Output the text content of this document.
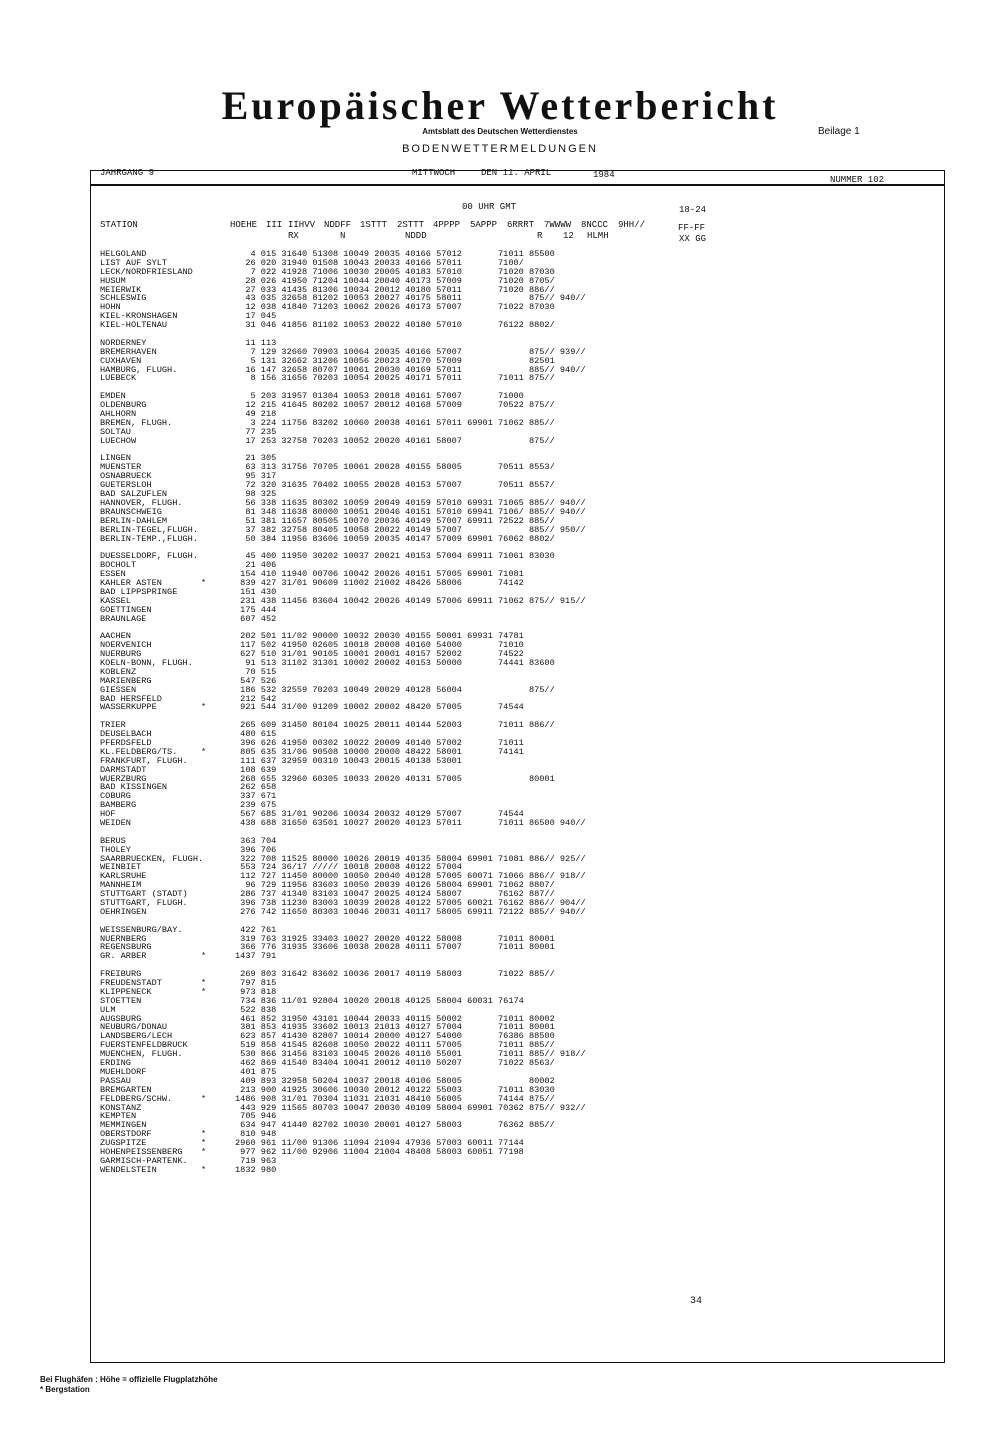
Europäischer Wetterbericht
Amtsblatt des Deutschen Wetterdienstes	Beilage 1
BODENWETTERMELDUNGEN
JAHRGANG 9	MITTWOCH	DEN 11. APRIL	1984	NUMMER 102
00 UHR GMT	18-24
STATION	HOEHE III IIHVV NDDFF 1STTT 2STTT 4PPPP 5APPP 6RRRT 7WWWW 8NCCC 9HH//	FF-FF
RX	N	NDDD	R 12 HLMH	XX GG
HELGOLAND	4 015 31640 51308 10049 20035 40166 57012       71011 85500
LIST AUF SYLT	26 020 31940 01508 10043 20033 40166 57011       7100/
LECK/NORDFRIESLAND	7 022 41928 71006 10030 20005 40183 57010       71020 87030
HUSUM	28 026 41950 71204 10044 20040 40173 57009       71020 8705/
MEIERWIK	27 033 41435 81306 10034 20012 40180 57011       71020 886//
SCHLESWIG	43 035 32658 81202 10053 20027 40175 58011             875// 940//
HOHN	12 038 41840 71203 10062 20026 40173 57007       71022 87030
KIEL-KRONSHAGEN	17 045
KIEL-HOLTENAU	31 046 41856 81102 10053 20022 40180 57010       76122 8802/
NORDERNEY	11 113
BREMERHAVEN	7 129 32660 70903 10064 20035 40166 57007             875// 939//
CUXHAVEN	5 131 32662 31206 10056 20023 40170 57009             82501
HAMBURG, FLUGH.	16 147 32658 80707 10061 20030 40169 57011             885// 940//
LUEBECK	8 156 31656 70203 10054 20025 40171 57011       71011 875//
EMDEN	5 203 31957 01304 10053 20018 40161 57007       71000
OLDENBURG	12 215 41645 80202 10057 20012 40168 57009       70522 875//
AHLHORN	49 218
BREMEN, FLUGH.	3 224 11756 83202 10060 20038 40161 57011 69901 71062 885//
SOLTAU	77 235
LUECHOW	17 253 32758 70203 10052 20020 40161 58007             875//
LINGEN	21 305
MUENSTER	63 313 31756 70705 10061 20028 40155 58005       70511 8553/
OSNABRUECK	95 317
GUETERSLOH	72 320 31635 70402 10055 20028 40153 57007       70511 8557/
BAD SALZUFLEN	98 325
HANNOVER, FLUGH.	56 338 11635 80302 10059 20049 40159 57010 69931 71065 885// 940//
BRAUNSCHWEIG	81 348 11638 80000 10051 20046 40151 57010 69941 7106/ 885// 940//
BERLIN-DAHLEM	51 381 11657 80505 10070 20036 40149 57007 69911 72522 885//
BERLIN-TEGEL,FLUGH.	37 382 32758 80405 10058 20022 40149 57007             885// 950//
BERLIN-TEMP.,FLUGH.	50 384 11956 83606 10059 20035 40147 57009 69901 76062 8802/
DUESSELDORF, FLUGH.	45 400 11950 30202 10037 20021 40153 57004 69911 71061 83030
BOCHOLT	21 406
ESSEN	154 410 11940 00706 10042 20026 40151 57005 69901 71081
KAHLER ASTEN *	839 427 31/01 90609 11002 21002 48426 58006       74142
BAD LIPPSPRINGE	151 430
KASSEL	231 438 11456 83604 10042 20026 40149 57006 69911 71062 875// 915//
GOETTINGEN	175 444
BRAUNLAGE	607 452
AACHEN	202 501 11/02 90000 10032 20030 40155 50001 69931 74781
NOERVENICH	117 502 41950 02605 10018 20008 40160 54000       71010
NUERBURG	627 510 31/01 90105 10001 20001 40157 52002       74522
KOELN-BONN, FLUGH.	91 513 31102 31301 10002 20002 40153 50000       74441 83600
KOBLENZ	70 515
MARIENBERG	547 526
GIESSEN	186 532 32559 70203 10049 20029 40128 56004             875//
BAD HERSFELD	212 542
WASSERKUPPE *	921 544 31/00 91209 10002 20002 48420 57005       74544
TRIER	265 609 31450 80104 10025 20011 40144 52003       71011 886//
DEUSELBACH	480 615
PFERDSFELD	396 626 41950 00302 10022 20009 40140 57002       71011
KL.FELDBERG/TS. *	805 635 31/06 90508 10000 20000 48422 58001       74141
FRANKFURT, FLUGH.	111 637 32959 00310 10043 20015 40138 53001
DARMSTADT	108 639
WUERZBURG	268 655 32960 60305 10033 20020 40131 57005             80001
BAD KISSINGEN	262 658
COBURG	337 671
BAMBERG	239 675
HOF	567 685 31/01 90206 10034 20032 40129 57007       74544
WEIDEN	438 688 31650 63501 10027 20020 40123 57011       71011 86500 940//
BERUS	363 704
THOLEY	396 706
SAARBRUECKEN, FLUGH.	322 708 11525 80000 10026 20019 40135 58004 69901 71081 886// 925//
WEINBIET	553 724 36/17 ///// 10018 20008 40122 57004
KARLSRUHE	112 727 11450 80000 10050 20040 40128 57005 60071 71066 886// 918//
MANNHEIM	96 729 11956 83603 10050 20039 40126 58004 69901 71062 8807/
STUTTGART (STADT)	286 737 41340 83103 10047 20025 40124 58007       76162 887//
STUTTGART, FLUGH.	396 738 11230 83003 10039 20028 40122 57005 60021 76162 886// 904//
OEHRINGEN	276 742 11650 80303 10046 20031 40117 58005 69911 72122 885// 940//
WEISSENBURG/BAY.	422 761
NUERNBERG	319 763 31925 33403 10027 20020 40122 58008       71011 80001
REGENSBURG	366 776 31935 33606 10038 20028 40111 57007       71011 80001
GR. ARBER *	1437 791
FREIBURG	269 803 31642 83602 10036 20017 40119 58003       71022 885//
FREUDENSTADT *	797 815
KLIPPENECK *	973 818
STOETTEN	734 836 11/01 92804 10020 20018 40125 58004 60031 76174
ULM	522 838
AUGSBURG	461 852 31950 43101 10044 20033 40115 50002       71011 80002
NEUBURG/DONAU	381 853 41935 33602 10013 21013 40127 57004       71011 80001
LANDSBERG/LECH	623 857 41430 82807 10014 20000 40127 54000       76386 88500
FUERSTENFELDBRUCK	519 858 41545 82608 10050 20022 40111 57005       71011 885//
MUENCHEN, FLUGH.	530 866 31456 83103 10045 20026 40110 55001       71011 885// 918//
ERDING	462 869 41540 83404 10041 20012 40110 50207       71022 8563/
MUEHLDORF	401 875
PASSAU	409 893 32958 50204 10037 20018 40106 58005             80002
BREMGARTEN	213 900 41925 30606 10030 20012 40122 55003       71011 83030
FELDBERG/SCHW. *	1486 908 31/01 70304 11031 21031 48410 56005       74144 875//
KONSTANZ	443 929 11565 80703 10047 20030 40109 58004 69901 70362 875// 932//
KEMPTEN	705 946
MEMMINGEN	634 947 41440 82702 10030 20001 40127 58003       76362 885//
OBERSTDORF *	810 948
ZUGSPITZE *	2960 961 11/00 91306 11094 21094 47936 57003 60011 77144
HOHENPEISSENBERG *	977 962 11/00 92906 11004 21004 48408 58003 60051 77198
GARMISCH-PARTENK.	719 963
WENDELSTEIN *	1832 980
34
Bei Flughäfen : Höhe = offizielle Flugplatzhöhe
* Bergstation
